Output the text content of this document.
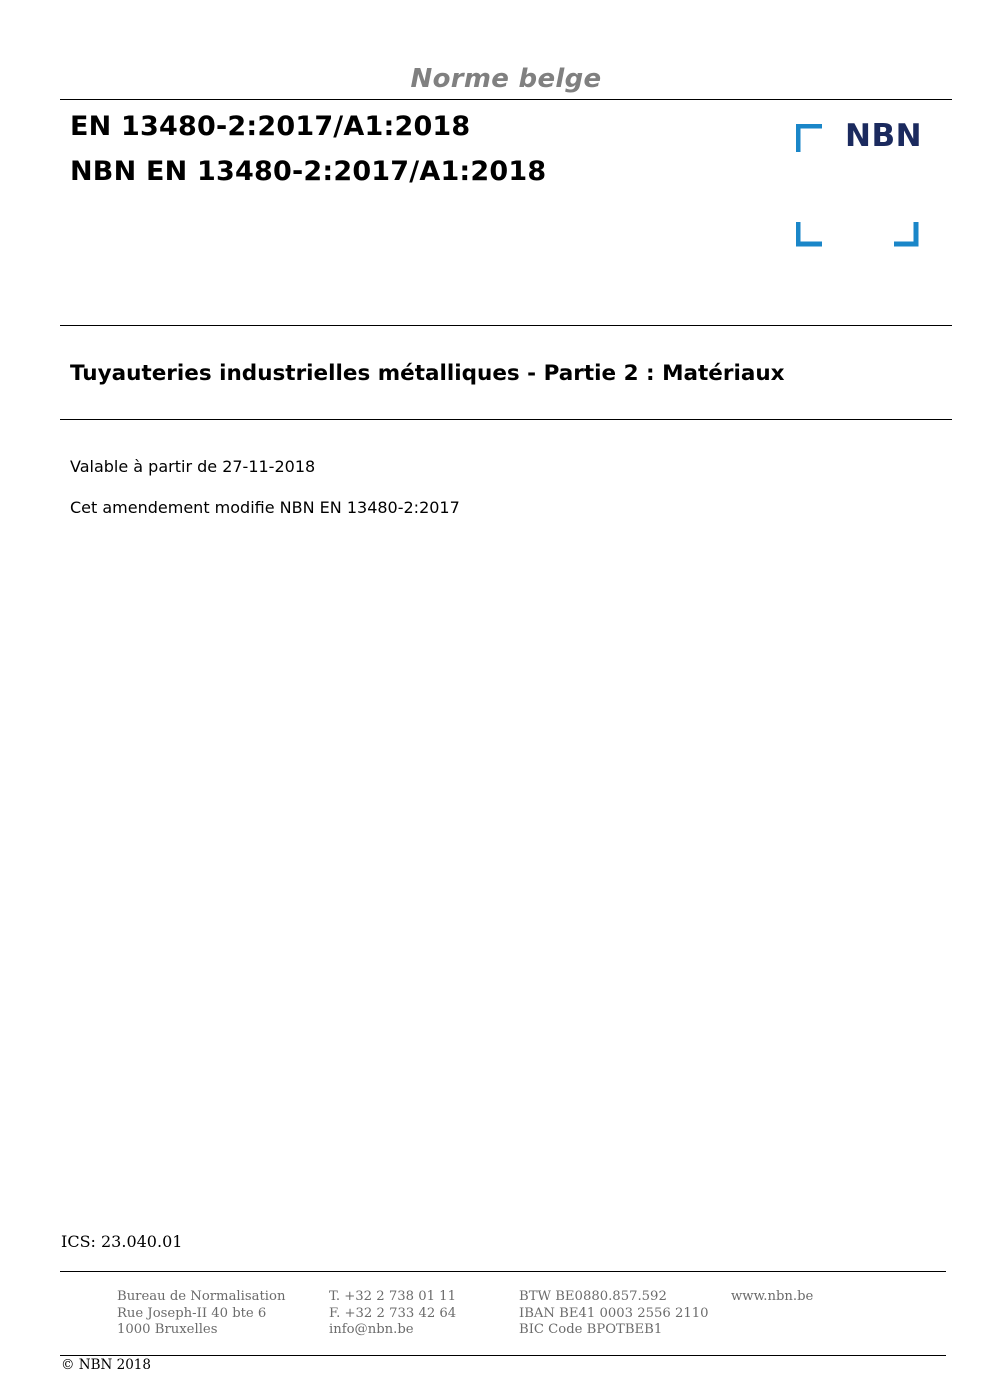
Norme belge
EN 13480-2:2017/A1:2018
NBN EN 13480-2:2017/A1:2018
NBN
Tuyauteries industrielles métalliques - Partie 2 : Matériaux
Valable à partir de 27-11-2018
Cet amendement modifie NBN EN 13480-2:2017
ICS: 23.040.01
Bureau de Normalisation
Rue Joseph-II 40 bte 6
1000 Bruxelles
T. +32 2 738 01 11
F. +32 2 733 42 64
info@nbn.be
BTW BE0880.857.592
IBAN BE41 0003 2556 2110
BIC Code BPOTBEB1
www.nbn.be
© NBN 2018
